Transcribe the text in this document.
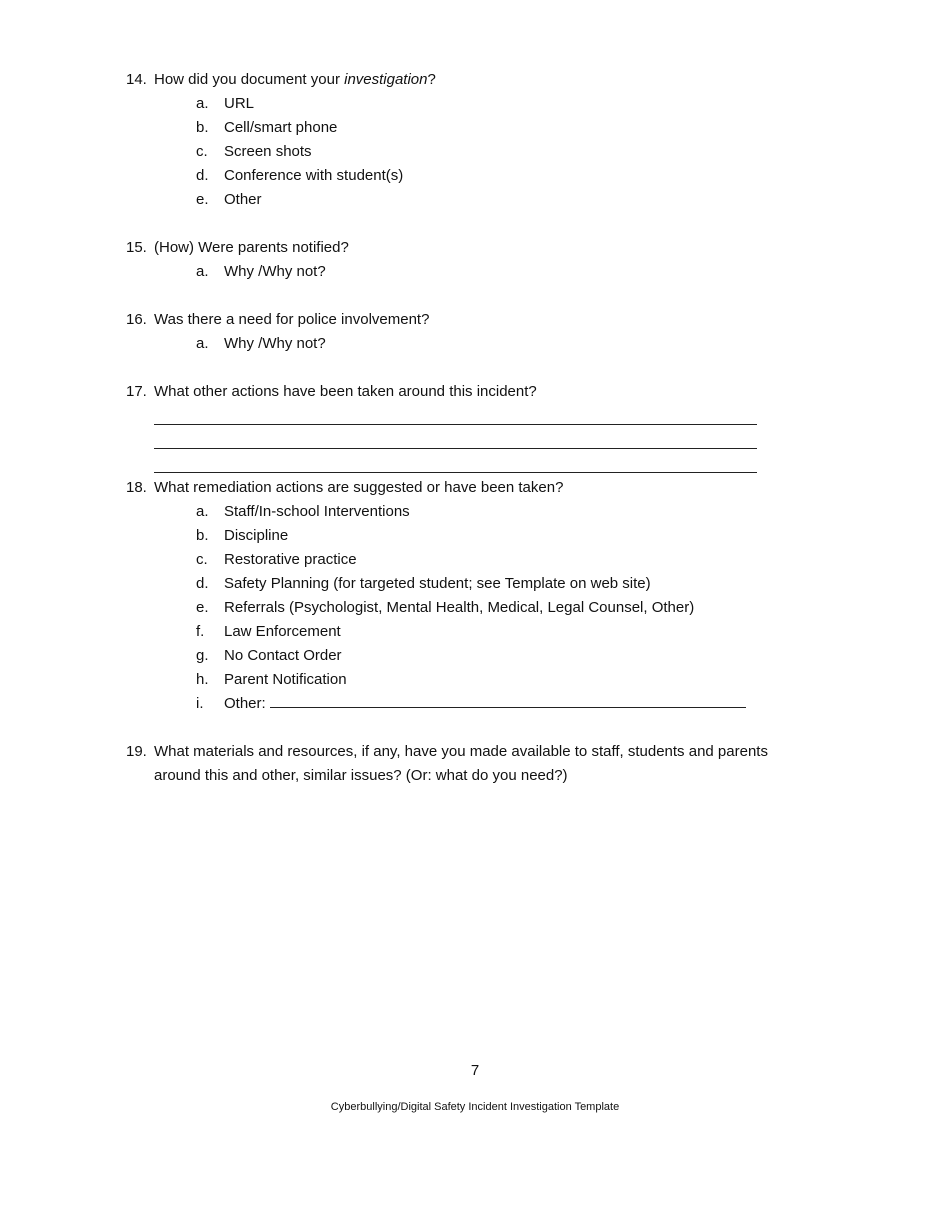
14. How did you document your investigation?
a.	URL
b.	Cell/smart phone
c.	Screen shots
d.	Conference with student(s)
e.	Other
15. (How) Were parents notified?
a.	Why /Why not?
16. Was there a need for police involvement?
a.	Why /Why not?
17. What other actions have been taken around this incident?
18. What remediation actions are suggested or have been taken?
a.	Staff/In-school Interventions
b.	Discipline
c.	Restorative practice
d.	Safety Planning (for targeted student; see Template on web site)
e.	Referrals (Psychologist, Mental Health, Medical, Legal Counsel, Other)
f.	Law Enforcement
g.	No Contact Order
h.	Parent Notification
i.	Other:
19. What materials and resources, if any, have you made available to staff, students and parents
around this and other, similar issues? (Or: what do you need?)
7
Cyberbullying/Digital Safety Incident Investigation Template
